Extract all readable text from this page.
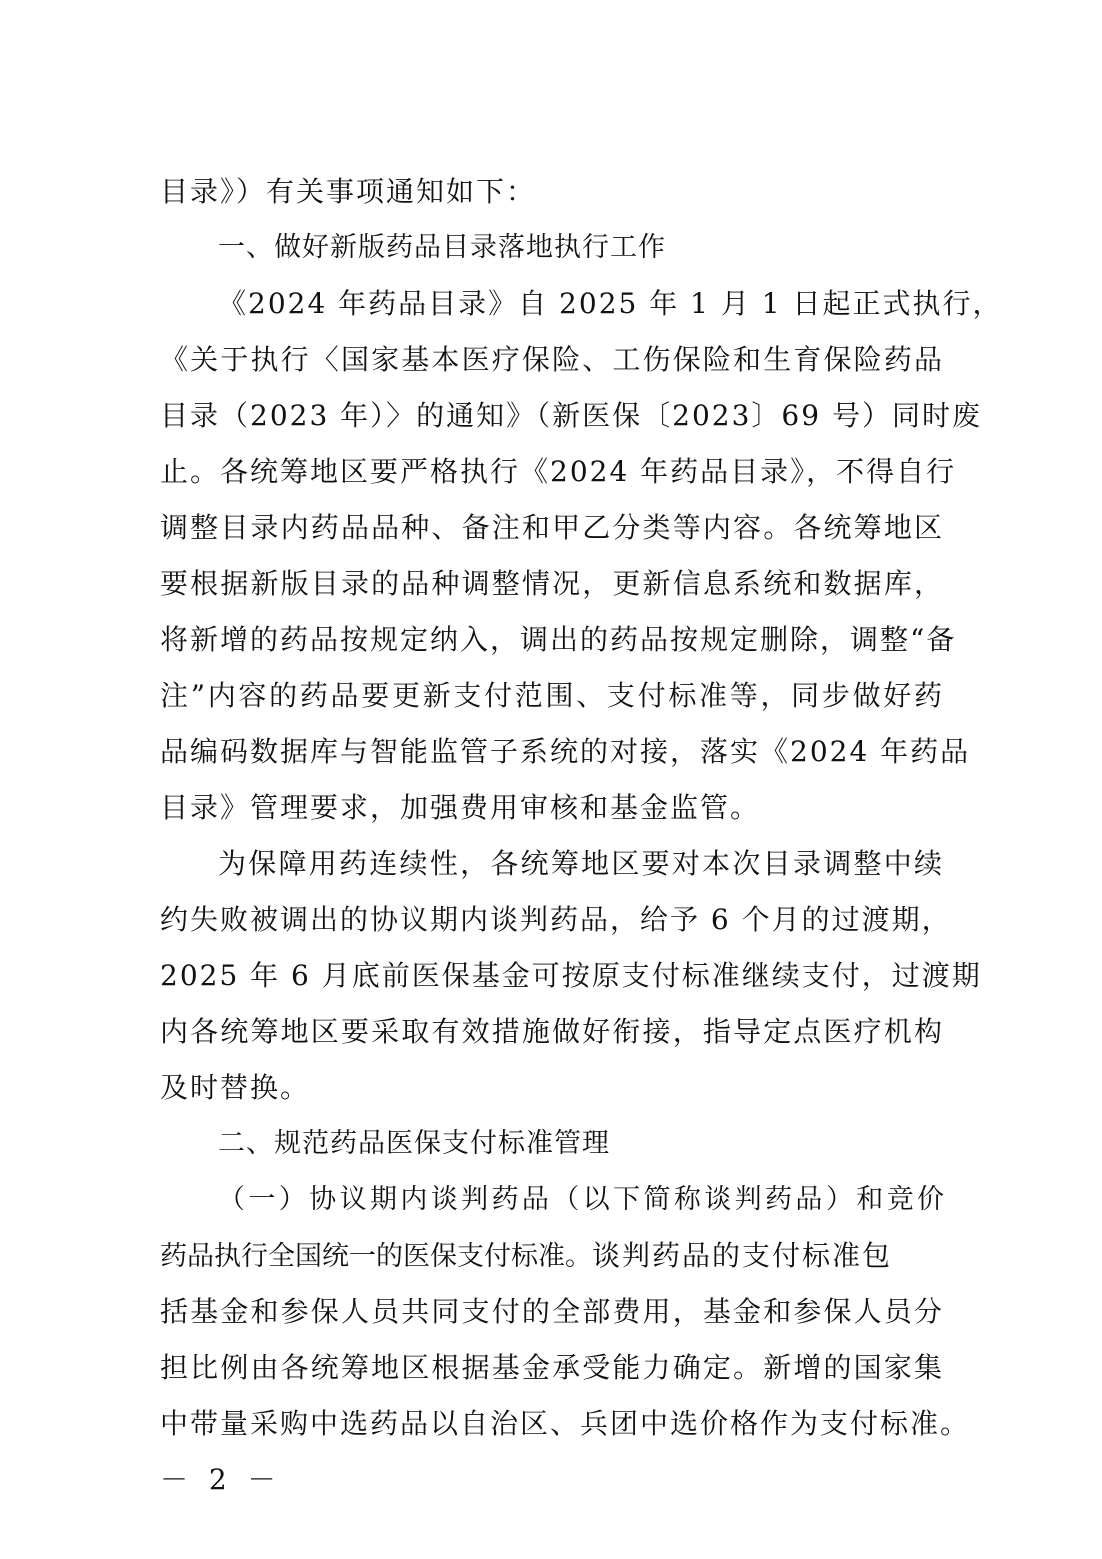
目录》）有关事项通知如下：
一、做好新版药品目录落地执行工作
《2024 年药品目录》自 2025 年 1 月 1 日起正式执行，
《关于执行〈国家基本医疗保险、工伤保险和生育保险药品
目录（2023 年）〉的通知》（新医保〔2023〕69 号）同时废
止。各统筹地区要严格执行《2024 年药品目录》，不得自行
调整目录内药品品种、备注和甲乙分类等内容。各统筹地区
要根据新版目录的品种调整情况，更新信息系统和数据库，
将新增的药品按规定纳入，调出的药品按规定删除，调整“备
注”内容的药品要更新支付范围、支付标准等，同步做好药
品编码数据库与智能监管子系统的对接，落实《2024 年药品
目录》管理要求，加强费用审核和基金监管。
为保障用药连续性，各统筹地区要对本次目录调整中续
约失败被调出的协议期内谈判药品，给予 6 个月的过渡期，
2025 年 6 月底前医保基金可按原支付标准继续支付，过渡期
内各统筹地区要采取有效措施做好衔接，指导定点医疗机构
及时替换。
二、规范药品医保支付标准管理
（一）协议期内谈判药品（以下简称谈判药品）和竞价
药品执行全国统一的医保支付标准。谈判药品的支付标准包
括基金和参保人员共同支付的全部费用，基金和参保人员分
担比例由各统筹地区根据基金承受能力确定。新增的国家集
中带量采购中选药品以自治区、兵团中选价格作为支付标准。
－ 2 －
